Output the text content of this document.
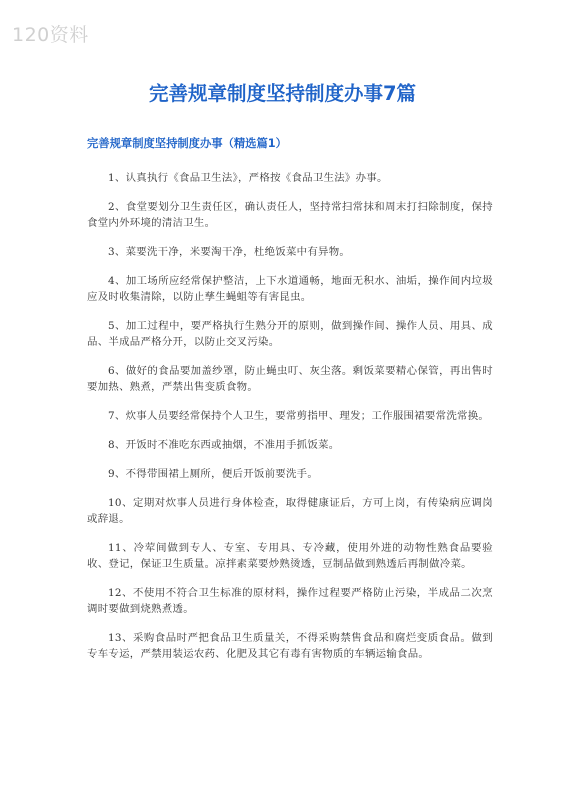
120资料
完善规章制度坚持制度办事7篇
完善规章制度坚持制度办事（精选篇1）

1、认真执行《食品卫生法》，严格按《食品卫生法》办事。

2、食堂要划分卫生责任区，确认责任人，坚持常扫常抹和周末打扫除制度，保持食堂内外环境的清洁卫生。

3、菜要洗干净，米要淘干净，杜绝饭菜中有异物。

4、加工场所应经常保护整洁，上下水道通畅，地面无积水、油垢，操作间内垃圾应及时收集清除，以防止孳生蝇蛆等有害昆虫。

5、加工过程中，要严格执行生熟分开的原则，做到操作间、操作人员、用具、成品、半成品严格分开，以防止交叉污染。

6、做好的食品要加盖纱罩，防止蝇虫叮、灰尘落。剩饭菜要精心保管，再出售时要加热、熟煮，严禁出售变质食物。

7、炊事人员要经常保持个人卫生，要常剪指甲、理发；工作服围裙要常洗常换。

8、开饭时不准吃东西或抽烟，不准用手抓饭菜。

9、不得带围裙上厕所，便后开饭前要洗手。

10、定期对炊事人员进行身体检查，取得健康证后，方可上岗，有传染病应调岗或辞退。

11、冷荤间做到专人、专室、专用具、专冷藏，使用外进的动物性熟食品要验收、登记，保证卫生质量。凉拌素菜要炒熟烫透，豆制品做到熟透后再制做冷菜。

12、不使用不符合卫生标准的原材料，操作过程要严格防止污染，半成品二次烹调时要做到烧熟煮透。

13、采购食品时严把食品卫生质量关，不得采购禁售食品和腐烂变质食品。做到专车专运，严禁用装运农药、化肥及其它有毒有害物质的车辆运输食品。
